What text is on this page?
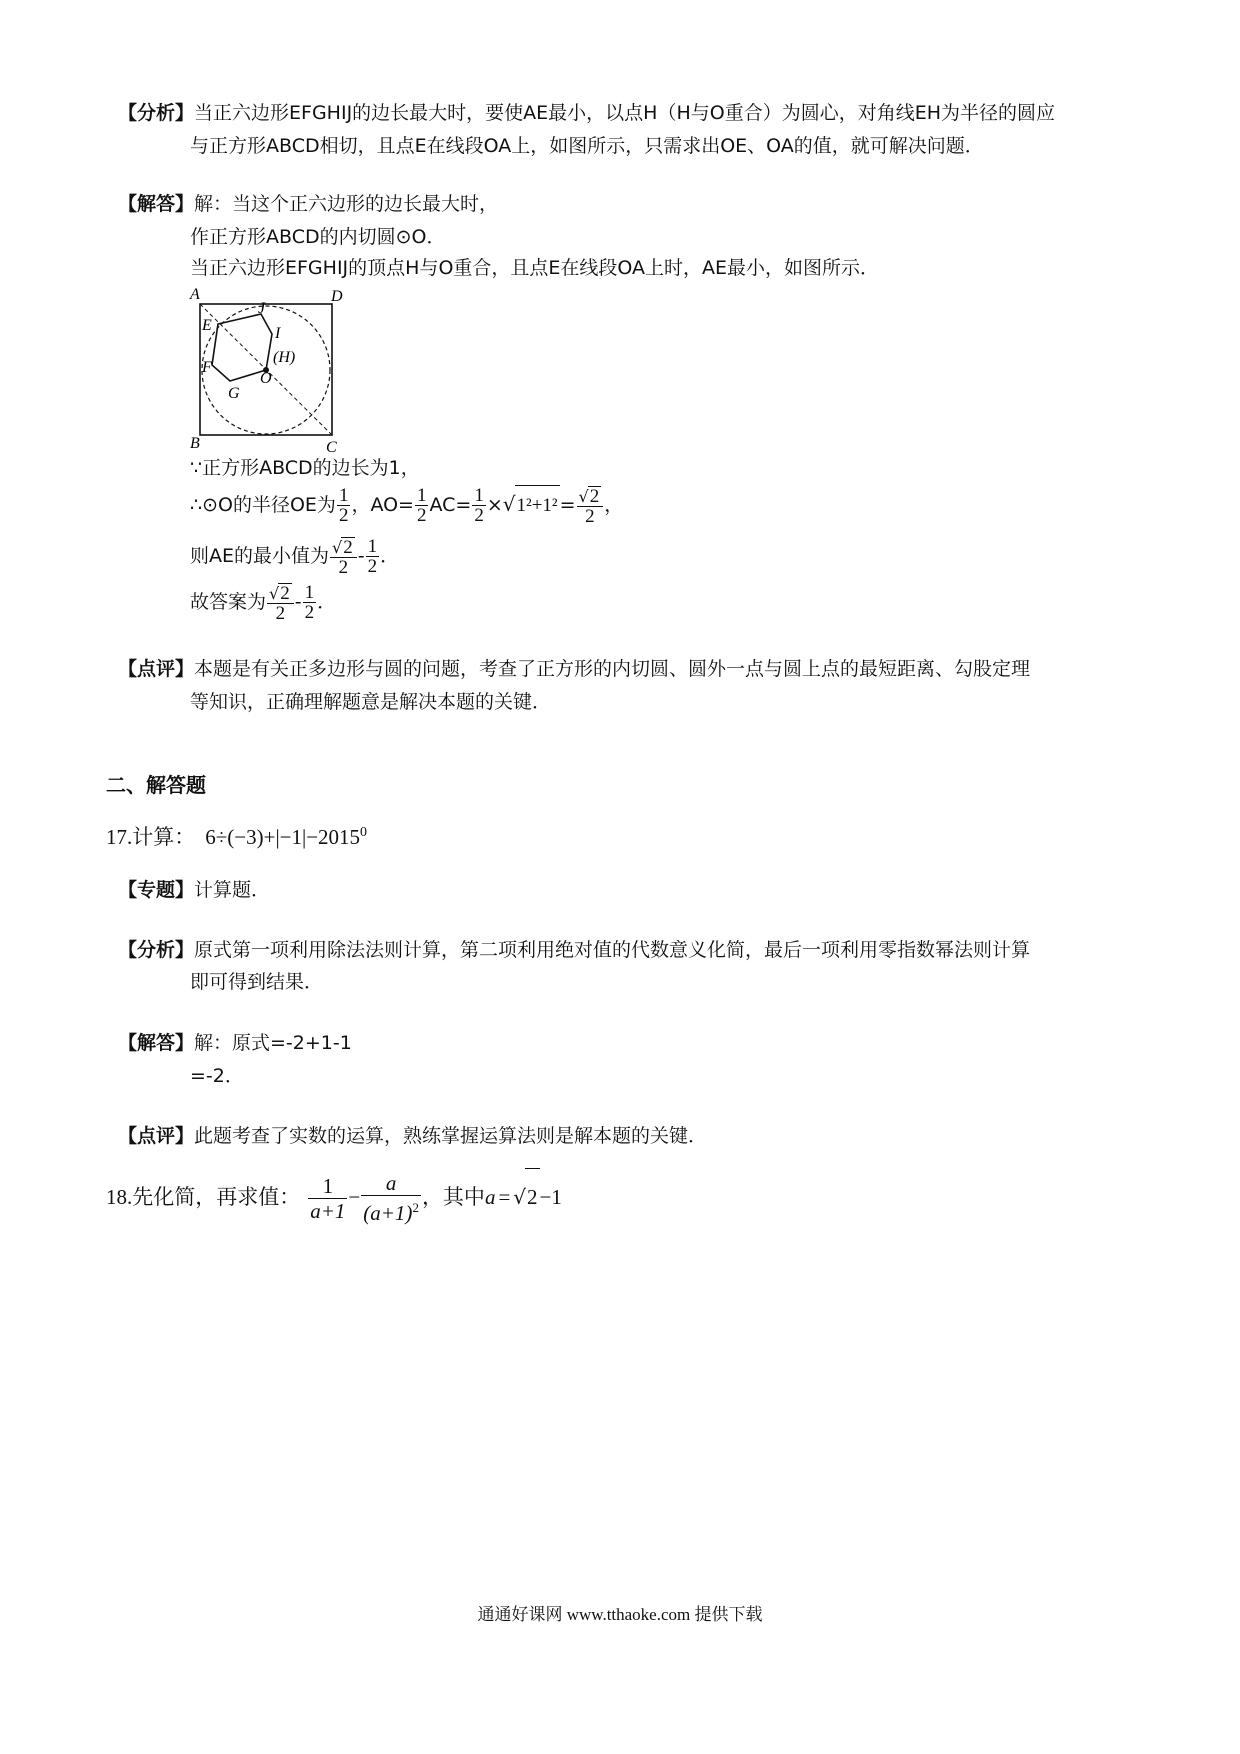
【分析】当正六边形EFGHIJ的边长最大时，要使AE最小，以点H（H与O重合）为圆心，对角线EH为半径的圆应
与正方形ABCD相切，且点E在线段OA上，如图所示，只需求出OE、OA的值，就可解决问题．
【解答】解：当这个正六边形的边长最大时，
作正方形ABCD的内切圆⊙O．
当正六边形EFGHIJ的顶点H与O重合，且点E在线段OA上时，AE最小，如图所示．
A	D
B	C
E
J
I
F
G
O
(H)
∵正方形ABCD的边长为1，
∴⊙O的半径OE为 $\frac{1}{2}$ ，$AO= \frac{1}{2} AC= \frac{1}{2} \times√1^2+1^2 = \frac{√2}{2}$ ，
则AE的最小值为 $\frac{√2}{2} - \frac{1}{2}$ ．
故答案为 $\frac{√2}{2} - \frac{1}{2}$ ．
【点评】本题是有关正多边形与圆的问题，考查了正方形的内切圆、圆外一点与圆上点的最短距离、勾股定理
等知识，正确理解题意是解决本题的关键．
二、解答题
17.计算： $6\div(-3)+|-1|-2015^0$
【专题】计算题．
【分析】原式第一项利用除法法则计算，第二项利用绝对值的代数意义化简，最后一项利用零指数幂法则计算
即可得到结果．
【解答】解：原式=-2+1-1
=-2．
【点评】此题考查了实数的运算，熟练掌握运算法则是解本题的关键．
18.先化简，再求值： $\frac{1}{a+1} - \frac{a}{(a+1)^2}$ ，其中a = √2−1
通通好课网 www.tthaoke.com 提供下载
